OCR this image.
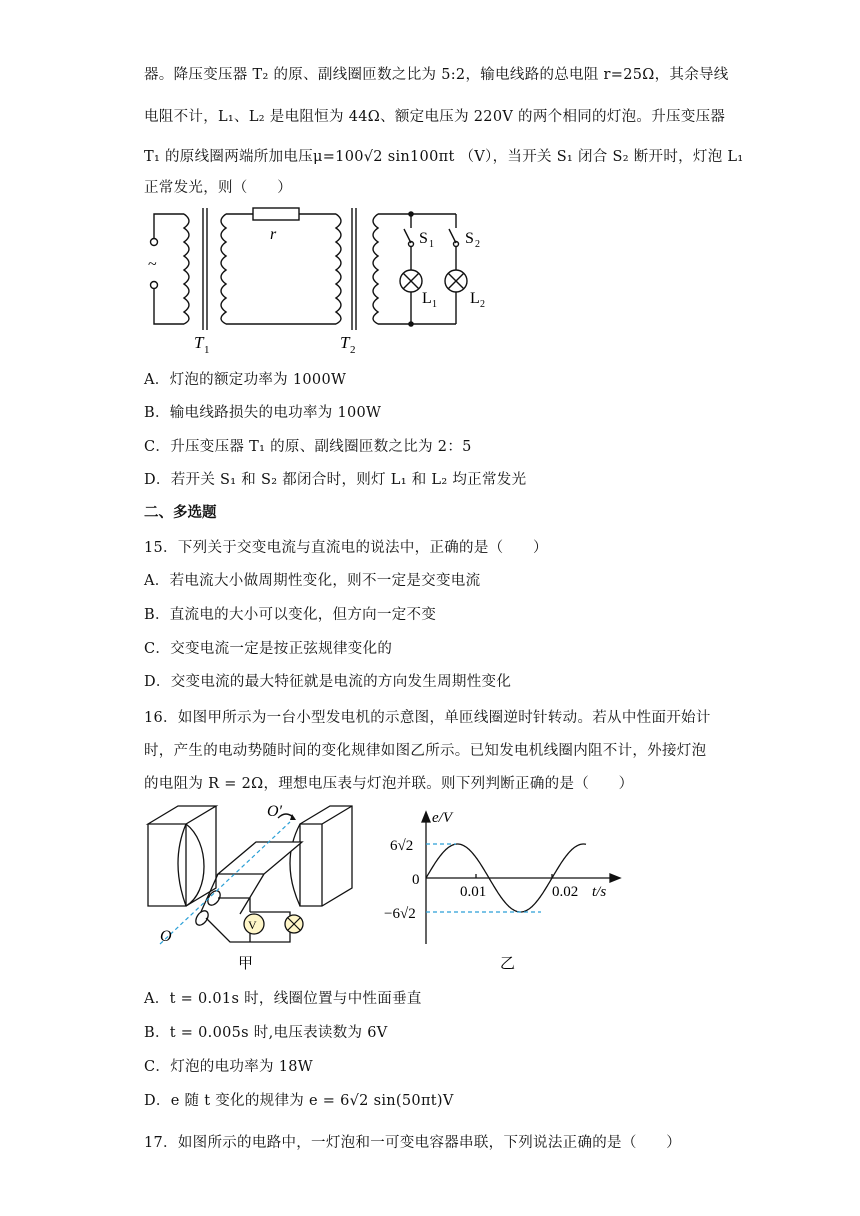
器。降压变压器 T₂ 的原、副线圈匝数之比为 5:2，输电线路的总电阻 r=25Ω，其余导线
电阻不计，L₁、L₂ 是电阻恒为 44Ω、额定电压为 220V 的两个相同的灯泡。升压变压器
T₁ 的原线圈两端所加电压μ=100√2 sin100πt （V），当开关 S₁ 闭合 S₂ 断开时，灯泡 L₁
正常发光，则（　　）
~
r
T 1	T 2
S 1 S 2
L 1 L 2
A．灯泡的额定功率为 1000W
B．输电线路损失的电功率为 100W
C．升压变压器 T₁ 的原、副线圈匝数之比为 2：5
D．若开关 S₁ 和 S₂ 都闭合时，则灯 L₁ 和 L₂ 均正常发光
二、多选题
15．下列关于交变电流与直流电的说法中，正确的是（　　）
A．若电流大小做周期性变化，则不一定是交变电流
B．直流电的大小可以变化，但方向一定不变
C．交变电流一定是按正弦规律变化的
D．交变电流的最大特征就是电流的方向发生周期性变化
16．如图甲所示为一台小型发电机的示意图，单匝线圈逆时针转动。若从中性面开始计
时，产生的电动势随时间的变化规律如图乙所示。已知发电机线圈内阻不计，外接灯泡
的电阻为 R = 2Ω，理想电压表与灯泡并联。则下列判断正确的是（　　）
V
O
O′
甲
e/V
6√2
−6√2
0
0.01	0.02 t/s
乙
A．t = 0.01s 时，线圈位置与中性面垂直
B．t = 0.005s 时,电压表读数为 6V
C．灯泡的电功率为 18W
D．e 随 t 变化的规律为 e = 6√2 sin(50πt)V
17．如图所示的电路中，一灯泡和一可变电容器串联，下列说法正确的是（　　）
